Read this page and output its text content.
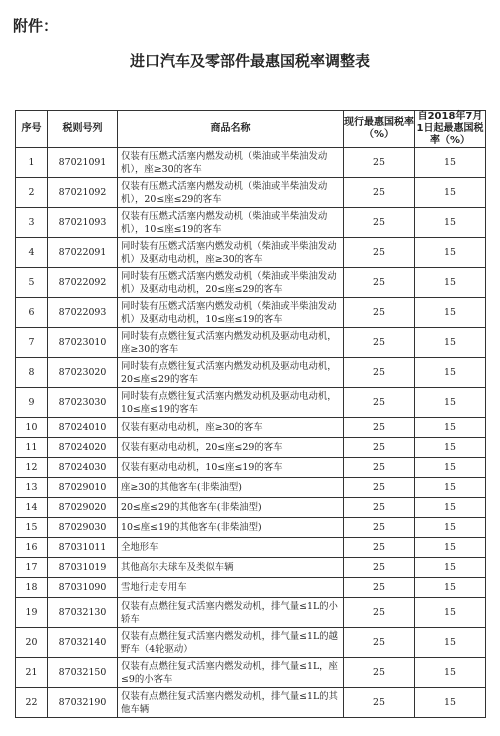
附件：
进口汽车及零部件最惠国税率调整表
序号	税则号列	商品名称	现行最惠国税率（%）	自2018年7月1日起最惠国税率（%）
1	87021091	仅装有压燃式活塞内燃发动机（柴油或半柴油发动机），座≥30的客车	25	15
2	87021092	仅装有压燃式活塞内燃发动机（柴油或半柴油发动机），20≤座≤29的客车	25	15
3	87021093	仅装有压燃式活塞内燃发动机（柴油或半柴油发动机），10≤座≤19的客车	25	15
4	87022091	同时装有压燃式活塞内燃发动机（柴油或半柴油发动机）及驱动电动机，座≥30的客车	25	15
5	87022092	同时装有压燃式活塞内燃发动机（柴油或半柴油发动机）及驱动电动机，20≤座≤29的客车	25	15
6	87022093	同时装有压燃式活塞内燃发动机（柴油或半柴油发动机）及驱动电动机，10≤座≤19的客车	25	15
7	87023010	同时装有点燃往复式活塞内燃发动机及驱动电动机，座≥30的客车	25	15
8	87023020	同时装有点燃往复式活塞内燃发动机及驱动电动机，20≤座≤29的客车	25	15
9	87023030	同时装有点燃往复式活塞内燃发动机及驱动电动机，10≤座≤19的客车	25	15
10	87024010	仅装有驱动电动机，座≥30的客车	25	15
11	87024020	仅装有驱动电动机，20≤座≤29的客车	25	15
12	87024030	仅装有驱动电动机，10≤座≤19的客车	25	15
13	87029010	座≥30的其他客车(非柴油型)	25	15
14	87029020	20≤座≤29的其他客车(非柴油型)	25	15
15	87029030	10≤座≤19的其他客车(非柴油型)	25	15
16	87031011	全地形车	25	15
17	87031019	其他高尔夫球车及类似车辆	25	15
18	87031090	雪地行走专用车	25	15
19	87032130	仅装有点燃往复式活塞内燃发动机，排气量≤1L的小轿车	25	15
20	87032140	仅装有点燃往复式活塞内燃发动机，排气量≤1L的越野车（4轮驱动）	25	15
21	87032150	仅装有点燃往复式活塞内燃发动机，排气量≤1L，座≤9的小客车	25	15
22	87032190	仅装有点燃往复式活塞内燃发动机，排气量≤1L的其他车辆	25	15
